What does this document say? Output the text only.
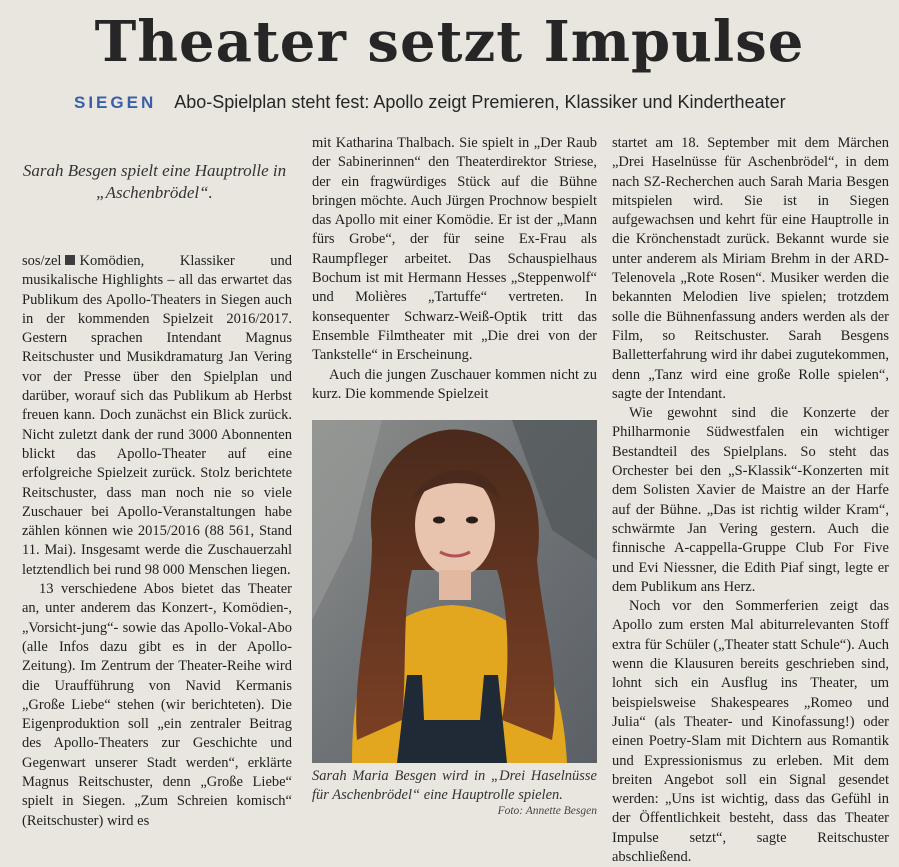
Theater setzt Impulse
SIEGEN Abo-Spielplan steht fest: Apollo zeigt Premieren, Klassiker und Kindertheater
Sarah Besgen spielt eine Hauptrolle in „Aschenbrödel“.

sos/zel Komödien, Klassiker und musikalische Highlights – all das erwartet das Publikum des Apollo-Theaters in Siegen auch in der kommenden Spielzeit 2016/2017. Gestern sprachen Intendant Magnus Reitschuster und Musikdramaturg Jan Vering vor der Presse über den Spielplan und darüber, worauf sich das Publikum ab Herbst freuen kann. Doch zunächst ein Blick zurück. Nicht zuletzt dank der rund 3000 Abonnenten blickt das Apollo-Theater auf eine erfolgreiche Spielzeit zurück. Stolz berichtete Reitschuster, dass man noch nie so viele Zuschauer bei Apollo-Veranstaltungen habe zählen können wie 2015/2016 (88 561, Stand 11. Mai). Insgesamt werde die Zuschauerzahl letztendlich bei rund 98 000 Menschen liegen.

13 verschiedene Abos bietet das Theater an, unter anderem das Konzert-, Komödien-, „Vorsicht-jung“- sowie das Apollo-Vokal-Abo (alle Infos dazu gibt es in der Apollo-Zeitung). Im Zentrum der Theater-Reihe wird die Uraufführung von Navid Kermanis „Große Liebe“ stehen (wir berichteten). Die Eigenproduktion soll „ein zentraler Beitrag des Apollo-Theaters zur Geschichte und Gegenwart unserer Stadt werden“, erklärte Magnus Reitschuster, denn „Große Liebe“ spielt in Siegen. „Zum Schreien komisch“ (Reitschuster) wird es

mit Katharina Thalbach. Sie spielt in „Der Raub der Sabinerinnen“ den Theaterdirektor Striese, der ein fragwürdiges Stück auf die Bühne bringen möchte. Auch Jürgen Prochnow bespielt das Apollo mit einer Komödie. Er ist der „Mann fürs Grobe“, der für seine Ex-Frau als Raumpfleger arbeitet. Das Schauspielhaus Bochum ist mit Hermann Hesses „Steppenwolf“ und Molières „Tartuffe“ vertreten. In konsequenter Schwarz-Weiß-Optik tritt das Ensemble Filmtheater mit „Die drei von der Tankstelle“ in Erscheinung.

Auch die jungen Zuschauer kommen nicht zu kurz. Die kommende Spielzeit

startet am 18. September mit dem Märchen „Drei Haselnüsse für Aschenbrödel“, in dem nach SZ-Recherchen auch Sarah Maria Besgen mitspielen wird. Sie ist in Siegen aufgewachsen und kehrt für eine Hauptrolle in die Krönchenstadt zurück. Bekannt wurde sie unter anderem als Miriam Brehm in der ARD-Telenovela „Rote Rosen“. Musiker werden die bekannten Melodien live spielen; trotzdem solle die Bühnenfassung anders werden als der Film, so Reitschuster. Sarah Besgens Balletterfahrung wird ihr dabei zugutekommen, denn „Tanz wird eine große Rolle spielen“, sagte der Intendant.

Wie gewohnt sind die Konzerte der Philharmonie Südwestfalen ein wichtiger Bestandteil des Spielplans. So steht das Orchester bei den „S-Klassik“-Konzerten mit dem Solisten Xavier de Maistre an der Harfe auf der Bühne. „Das ist richtig wilder Kram“, schwärmte Jan Vering gestern. Auch die finnische A-cappella-Gruppe Club For Five und Evi Niessner, die Edith Piaf singt, legte er dem Publikum ans Herz.

Noch vor den Sommerferien zeigt das Apollo zum ersten Mal abiturrelevanten Stoff extra für Schüler („Theater statt Schule“). Auch wenn die Klausuren bereits geschrieben sind, lohnt sich ein Ausflug ins Theater, um beispielsweise Shakespeares „Romeo und Julia“ (als Theater- und Kinofassung!) oder einen Poetry-Slam mit Dichtern aus Romantik und Expressionismus zu erleben. Mit dem breiten Angebot soll ein Signal gesendet werden: „Uns ist wichtig, dass das Gefühl in der Öffentlichkeit besteht, dass das Theater Impulse setzt“, sagte Reitschuster abschließend.

Sarah Maria Besgen wird in „Drei Haselnüsse für Aschenbrödel“ eine Hauptrolle spielen.
Foto: Annette Besgen
